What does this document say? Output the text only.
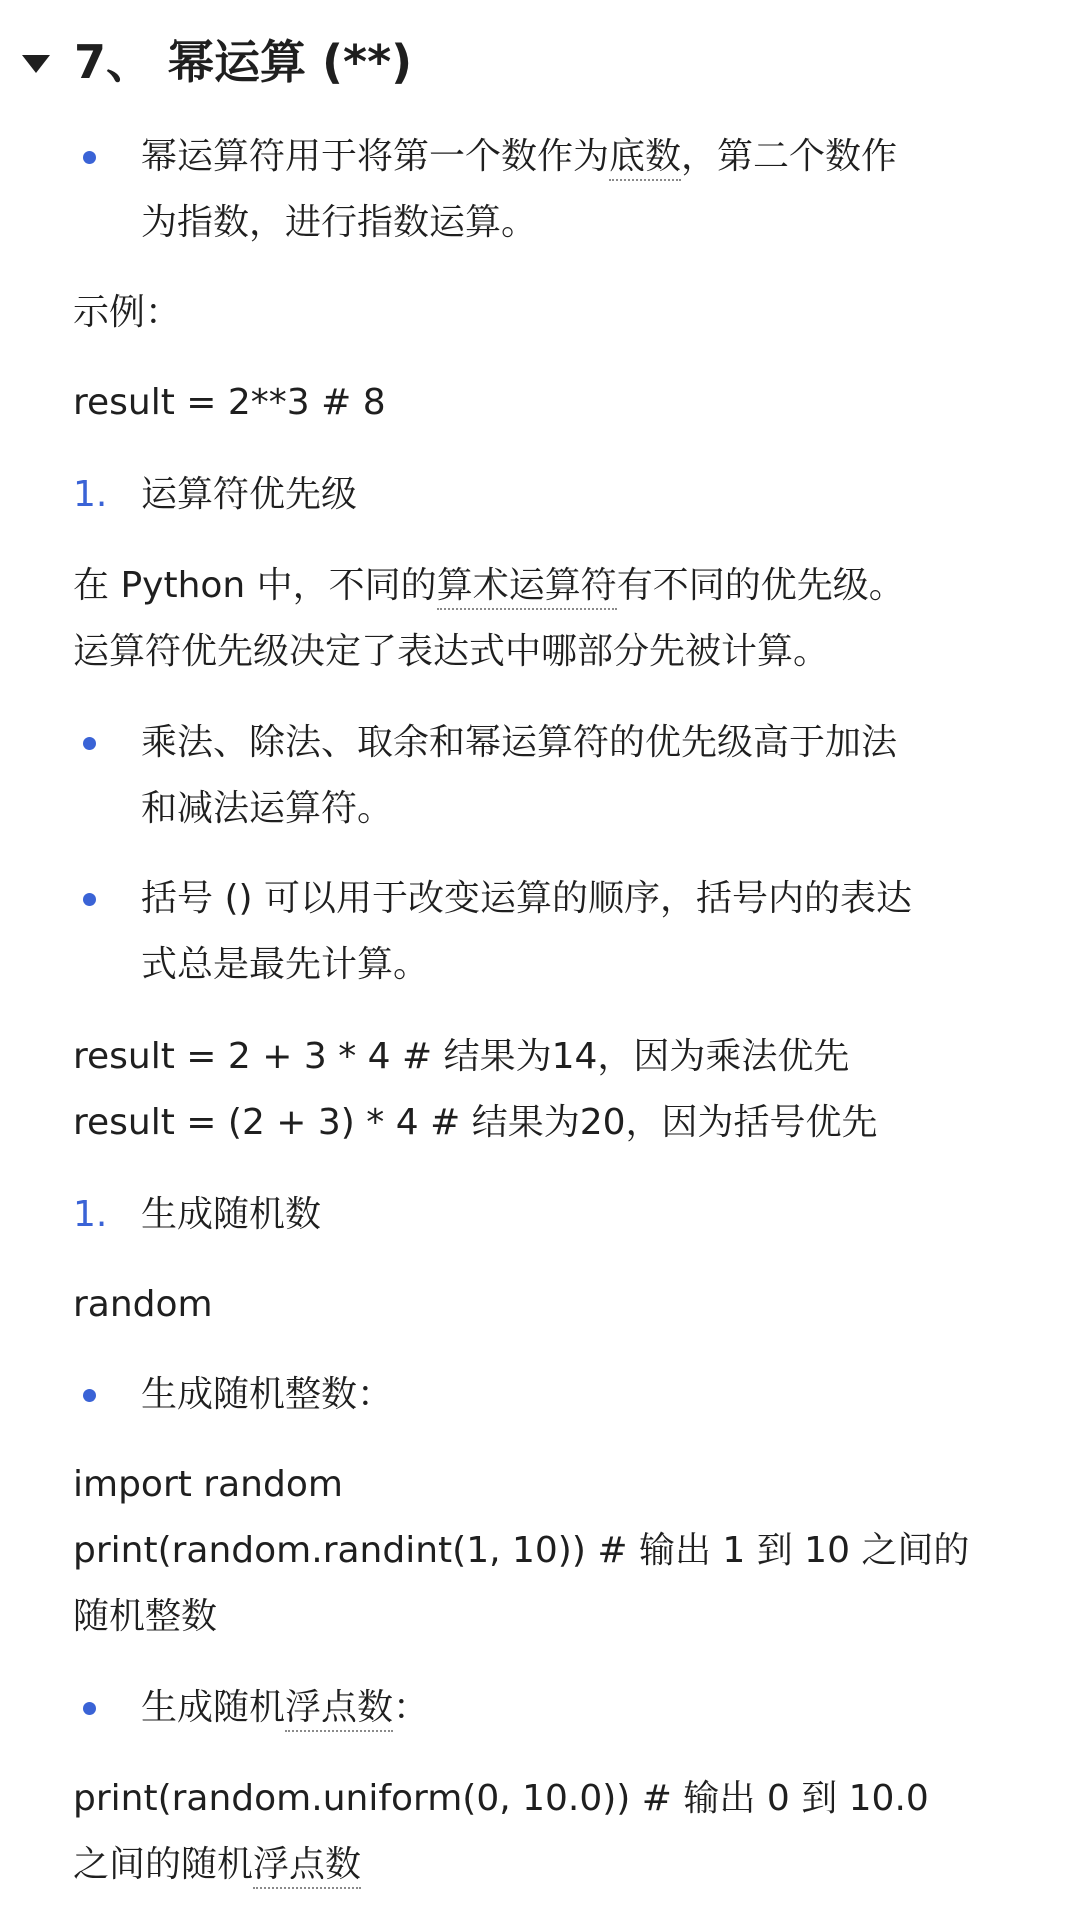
7、 幂运算 (**)
幂运算符用于将第一个数作为底数，第二个数作
为指数，进行指数运算。
示例：
result = 2**3 # 8
1. 运算符优先级
在 Python 中，不同的算术运算符有不同的优先级。
运算符优先级决定了表达式中哪部分先被计算。
乘法、除法、取余和幂运算符的优先级高于加法
和减法运算符。
括号 () 可以用于改变运算的顺序，括号内的表达
式总是最先计算。
result = 2 + 3 * 4 # 结果为14，因为乘法优先
result = (2 + 3) * 4 # 结果为20，因为括号优先
1. 生成随机数
random
生成随机整数：
import random
print(random.randint(1, 10)) # 输出 1 到 10 之间的
随机整数
生成随机浮点数：
print(random.uniform(0, 10.0)) # 输出 0 到 10.0
之间的随机浮点数
